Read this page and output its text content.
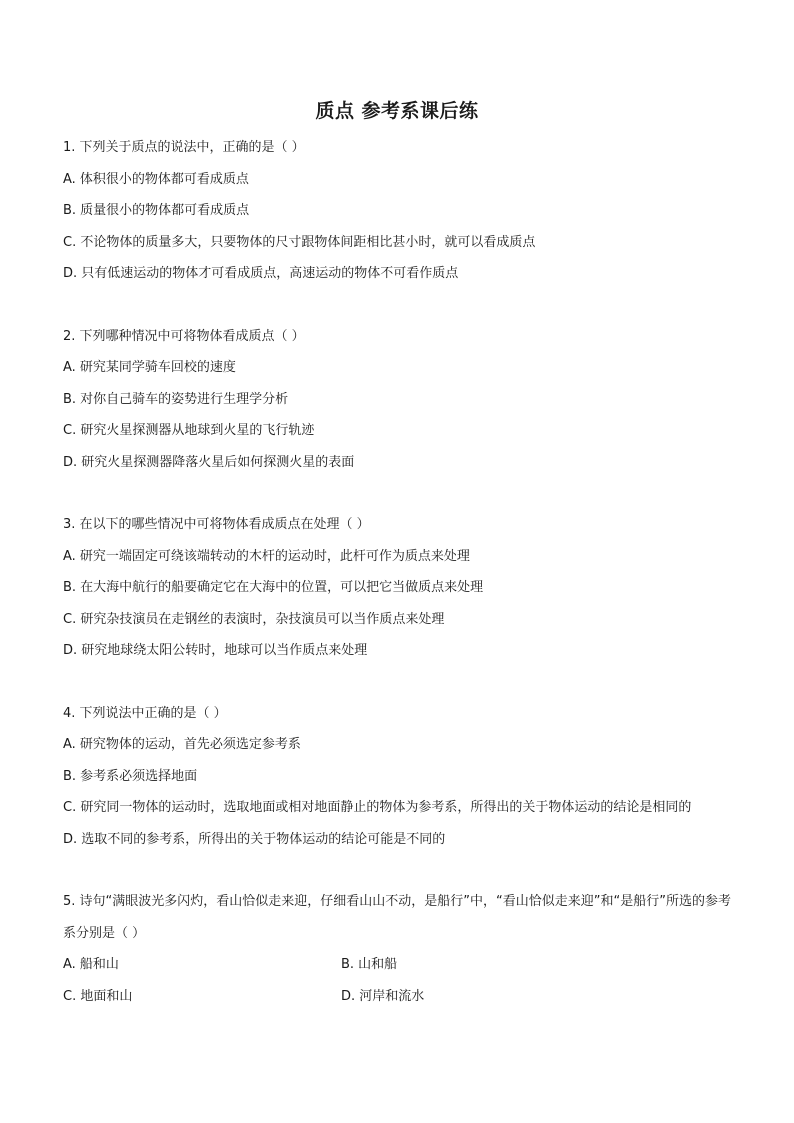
质点 参考系课后练
1. 下列关于质点的说法中，正确的是（ ）
A. 体积很小的物体都可看成质点
B. 质量很小的物体都可看成质点
C. 不论物体的质量多大，只要物体的尺寸跟物体间距相比甚小时，就可以看成质点
D. 只有低速运动的物体才可看成质点，高速运动的物体不可看作质点
2. 下列哪种情况中可将物体看成质点（ ）
A. 研究某同学骑车回校的速度
B. 对你自己骑车的姿势进行生理学分析
C. 研究火星探测器从地球到火星的飞行轨迹
D. 研究火星探测器降落火星后如何探测火星的表面
3. 在以下的哪些情况中可将物体看成质点在处理（ ）
A. 研究一端固定可绕该端转动的木杆的运动时，此杆可作为质点来处理
B. 在大海中航行的船要确定它在大海中的位置，可以把它当做质点来处理
C. 研究杂技演员在走钢丝的表演时，杂技演员可以当作质点来处理
D. 研究地球绕太阳公转时，地球可以当作质点来处理
4. 下列说法中正确的是（ ）
A. 研究物体的运动，首先必须选定参考系
B. 参考系必须选择地面
C. 研究同一物体的运动时，选取地面或相对地面静止的物体为参考系，所得出的关于物体运动的结论是相同的
D. 选取不同的参考系，所得出的关于物体运动的结论可能是不同的
5. 诗句“满眼波光多闪灼，看山恰似走来迎，仔细看山山不动，是船行”中，“看山恰似走来迎”和“是船行”所选的参考系分别是（ ）
A. 船和山	B. 山和船
C. 地面和山	D. 河岸和流水
